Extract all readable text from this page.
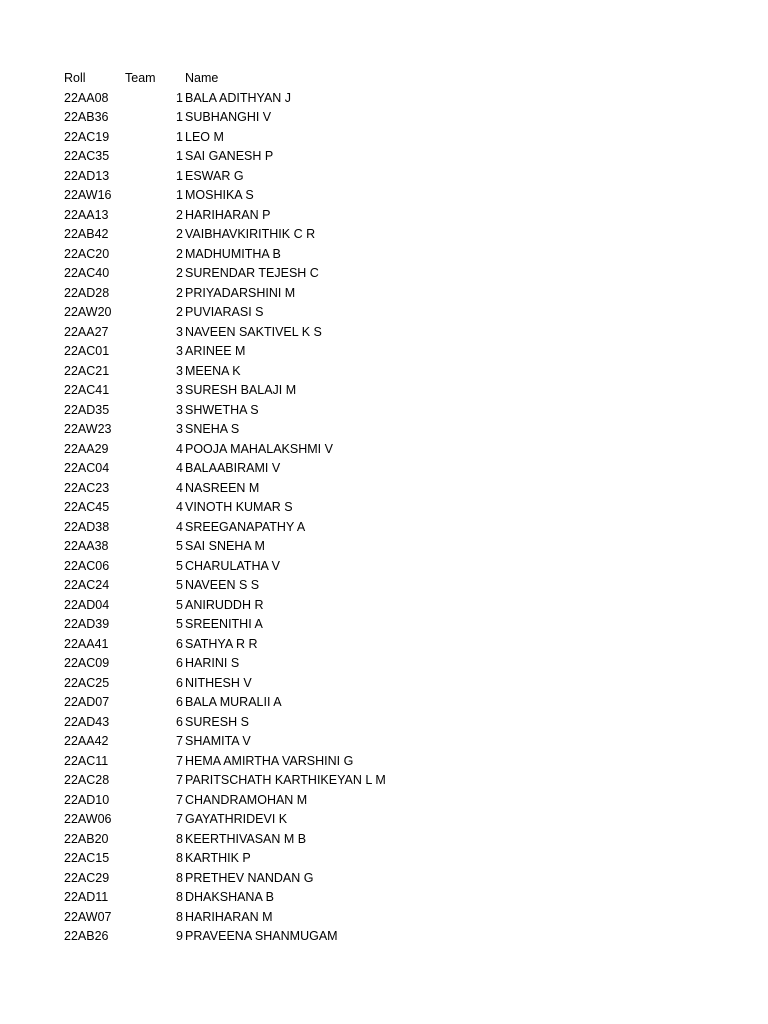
Roll	Team Name
22AA08	1 BALA ADITHYAN J
22AB36	1 SUBHANGHI V
22AC19	1 LEO M
22AC35	1 SAI GANESH P
22AD13	1 ESWAR G
22AW16	1 MOSHIKA S
22AA13	2 HARIHARAN P
22AB42	2 VAIBHAVKIRITHIK C R
22AC20	2 MADHUMITHA B
22AC40	2 SURENDAR TEJESH C
22AD28	2 PRIYADARSHINI M
22AW20	2 PUVIARASI S
22AA27	3 NAVEEN SAKTIVEL K S
22AC01	3 ARINEE M
22AC21	3 MEENA K
22AC41	3 SURESH BALAJI M
22AD35	3 SHWETHA S
22AW23	3 SNEHA S
22AA29	4 POOJA MAHALAKSHMI V
22AC04	4 BALAABIRAMI V
22AC23	4 NASREEN M
22AC45	4 VINOTH KUMAR S
22AD38	4 SREEGANAPATHY A
22AA38	5 SAI SNEHA M
22AC06	5 CHARULATHA V
22AC24	5 NAVEEN S S
22AD04	5 ANIRUDDH R
22AD39	5 SREENITHI A
22AA41	6 SATHYA R R
22AC09	6 HARINI S
22AC25	6 NITHESH V
22AD07	6 BALA MURALII A
22AD43	6 SURESH S
22AA42	7 SHAMITA V
22AC11	7 HEMA AMIRTHA VARSHINI G
22AC28	7 PARITSCHATH KARTHIKEYAN L M
22AD10	7 CHANDRAMOHAN M
22AW06	7 GAYATHRIDEVI K
22AB20	8 KEERTHIVASAN M B
22AC15	8 KARTHIK P
22AC29	8 PRETHEV NANDAN G
22AD11	8 DHAKSHANA B
22AW07	8 HARIHARAN M
22AB26	9 PRAVEENA SHANMUGAM
